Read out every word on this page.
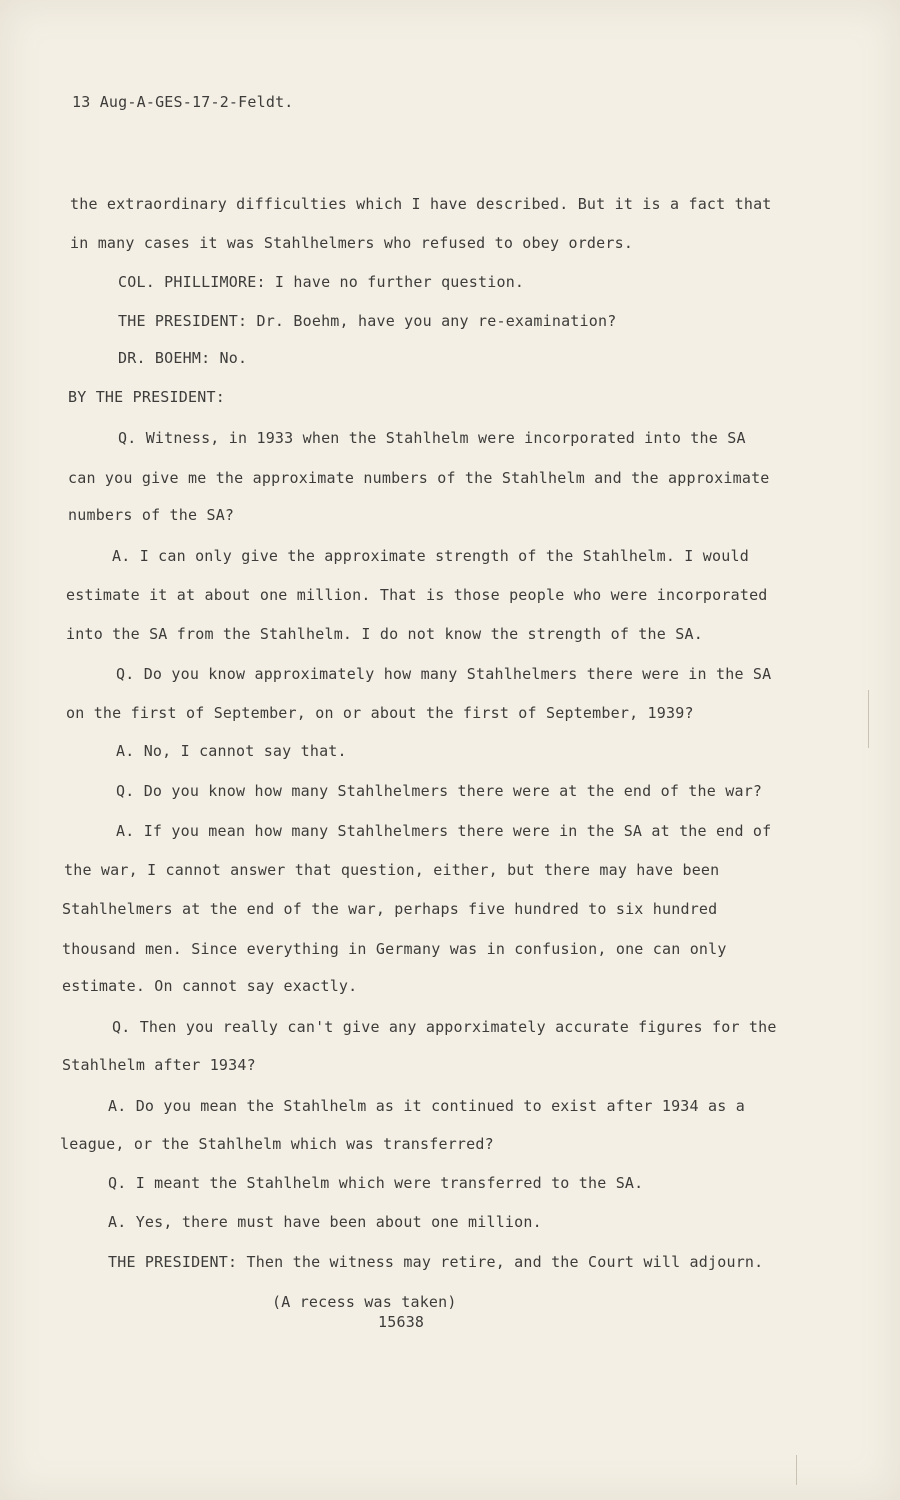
13 Aug-A-GES-17-2-Feldt.
the extraordinary difficulties which I have described. But it is a fact that
in many cases it was Stahlhelmers who refused to obey orders.
COL. PHILLIMORE: I have no further question.
THE PRESIDENT: Dr. Boehm, have you any re-examination?
DR. BOEHM: No.
BY THE PRESIDENT:
Q. Witness, in 1933 when the Stahlhelm were incorporated into the SA
can you give me the approximate numbers of the Stahlhelm and the approximate
numbers of the SA?
A. I can only give the approximate strength of the Stahlhelm. I would
estimate it at about one million. That is those people who were incorporated
into the SA from the Stahlhelm. I do not know the strength of the SA.
Q. Do you know approximately how many Stahlhelmers there were in the SA
on the first of September, on or about the first of September, 1939?
A. No, I cannot say that.
Q. Do you know how many Stahlhelmers there were at the end of the war?
A. If you mean how many Stahlhelmers there were in the SA at the end of
the war, I cannot answer that question, either, but there may have been
Stahlhelmers at the end of the war, perhaps five hundred to six hundred
thousand men. Since everything in Germany was in confusion, one can only
estimate. On cannot say exactly.
Q. Then you really can't give any apporximately accurate figures for the
Stahlhelm after 1934?
A. Do you mean the Stahlhelm as it continued to exist after 1934 as a
league, or the Stahlhelm which was transferred?
Q. I meant the Stahlhelm which were transferred to the SA.
A. Yes, there must have been about one million.
THE PRESIDENT: Then the witness may retire, and the Court will adjourn.
(A recess was taken)
15638
